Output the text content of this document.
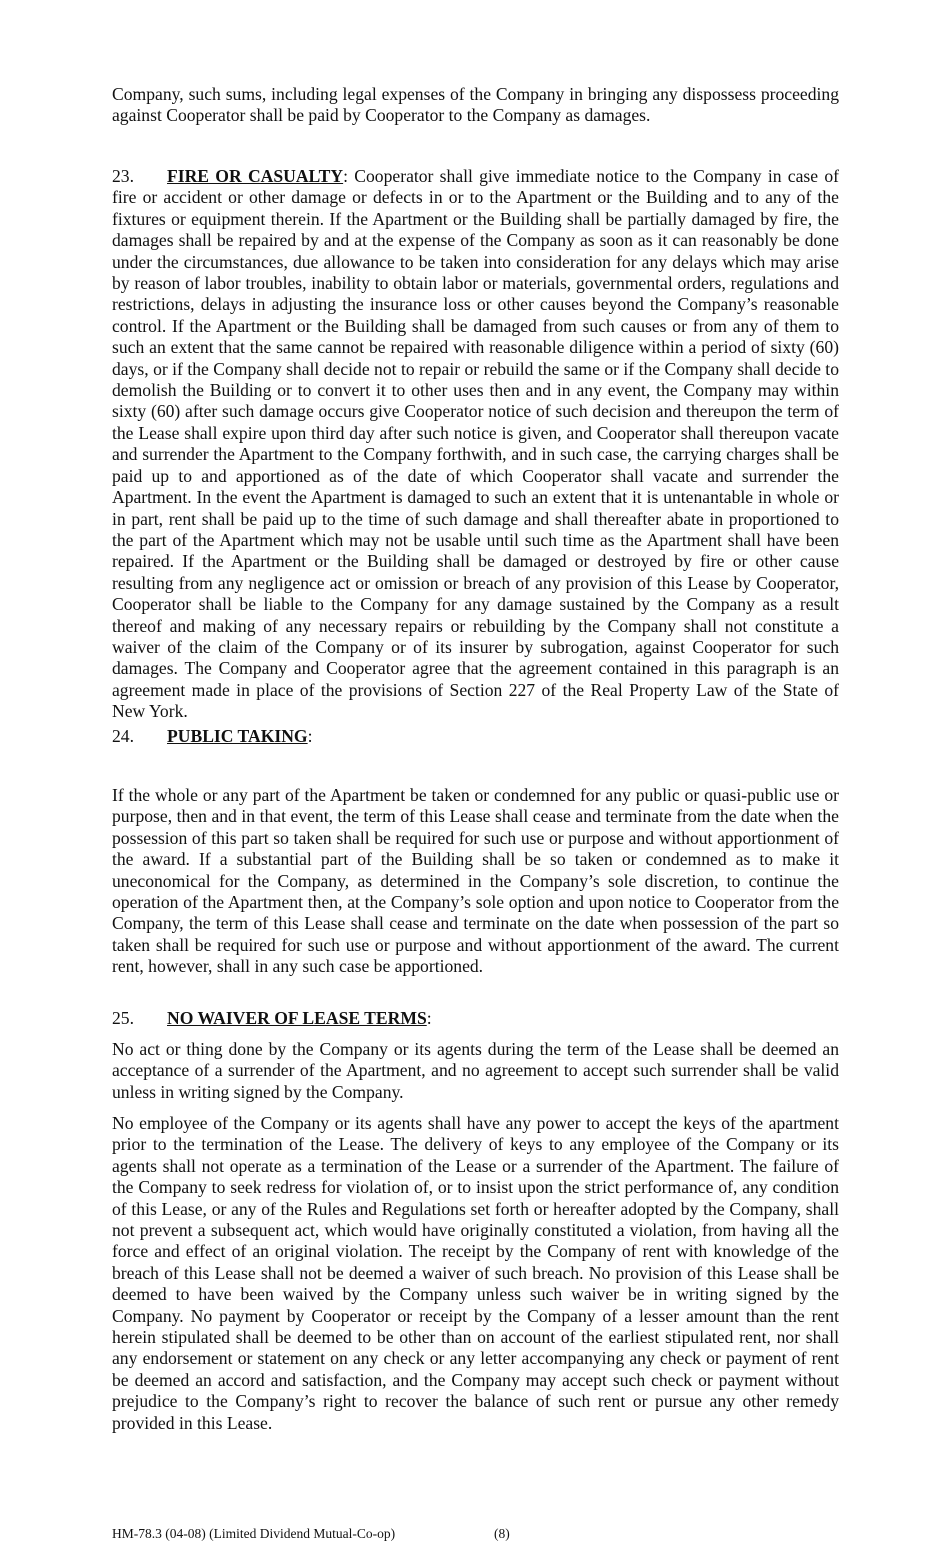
Company, such sums, including legal expenses of the Company in bringing any dispossess proceeding against Cooperator shall be paid by Cooperator to the Company as damages.

23. FIRE OR CASUALTY: Cooperator shall give immediate notice to the Company in case of fire or accident or other damage or defects in or to the Apartment or the Building and to any of the fixtures or equipment therein. If the Apartment or the Building shall be partially damaged by fire, the damages shall be repaired by and at the expense of the Company as soon as it can reasonably be done under the circumstances, due allowance to be taken into consideration for any delays which may arise by reason of labor troubles, inability to obtain labor or materials, governmental orders, regulations and restrictions, delays in adjusting the insurance loss or other causes beyond the Company’s reasonable control. If the Apartment or the Building shall be damaged from such causes or from any of them to such an extent that the same cannot be repaired with reasonable diligence within a period of sixty (60) days, or if the Company shall decide not to repair or rebuild the same or if the Company shall decide to demolish the Building or to convert it to other uses then and in any event, the Company may within sixty (60) after such damage occurs give Cooperator notice of such decision and thereupon the term of the Lease shall expire upon third day after such notice is given, and Cooperator shall thereupon vacate and surrender the Apartment to the Company forthwith, and in such case, the carrying charges shall be paid up to and apportioned as of the date of which Cooperator shall vacate and surrender the Apartment. In the event the Apartment is damaged to such an extent that it is untenantable in whole or in part, rent shall be paid up to the time of such damage and shall thereafter abate in proportioned to the part of the Apartment which may not be usable until such time as the Apartment shall have been repaired. If the Apartment or the Building shall be damaged or destroyed by fire or other cause resulting from any negligence act or omission or breach of any provision of this Lease by Cooperator, Cooperator shall be liable to the Company for any damage sustained by the Company as a result thereof and making of any necessary repairs or rebuilding by the Company shall not constitute a waiver of the claim of the Company or of its insurer by subrogation, against Cooperator for such damages. The Company and Cooperator agree that the agreement contained in this paragraph is an agreement made in place of the provisions of Section 227 of the Real Property Law of the State of New York.

24. PUBLIC TAKING:

If the whole or any part of the Apartment be taken or condemned for any public or quasi-public use or purpose, then and in that event, the term of this Lease shall cease and terminate from the date when the possession of this part so taken shall be required for such use or purpose and without apportionment of the award. If a substantial part of the Building shall be so taken or condemned as to make it uneconomical for the Company, as determined in the Company’s sole discretion, to continue the operation of the Apartment then, at the Company’s sole option and upon notice to Cooperator from the Company, the term of this Lease shall cease and terminate on the date when possession of the part so taken shall be required for such use or purpose and without apportionment of the award. The current rent, however, shall in any such case be apportioned.

25. NO WAIVER OF LEASE TERMS:

No act or thing done by the Company or its agents during the term of the Lease shall be deemed an acceptance of a surrender of the Apartment, and no agreement to accept such surrender shall be valid unless in writing signed by the Company.

No employee of the Company or its agents shall have any power to accept the keys of the apartment prior to the termination of the Lease. The delivery of keys to any employee of the Company or its agents shall not operate as a termination of the Lease or a surrender of the Apartment. The failure of the Company to seek redress for violation of, or to insist upon the strict performance of, any condition of this Lease, or any of the Rules and Regulations set forth or hereafter adopted by the Company, shall not prevent a subsequent act, which would have originally constituted a violation, from having all the force and effect of an original violation. The receipt by the Company of rent with knowledge of the breach of this Lease shall not be deemed a waiver of such breach. No provision of this Lease shall be deemed to have been waived by the Company unless such waiver be in writing signed by the Company. No payment by Cooperator or receipt by the Company of a lesser amount than the rent herein stipulated shall be deemed to be other than on account of the earliest stipulated rent, nor shall any endorsement or statement on any check or any letter accompanying any check or payment of rent be deemed an accord and satisfaction, and the Company may accept such check or payment without prejudice to the Company’s right to recover the balance of such rent or pursue any other remedy provided in this Lease.

HM-78.3 (04-08) (Limited Dividend Mutual-Co-op)	(8)
